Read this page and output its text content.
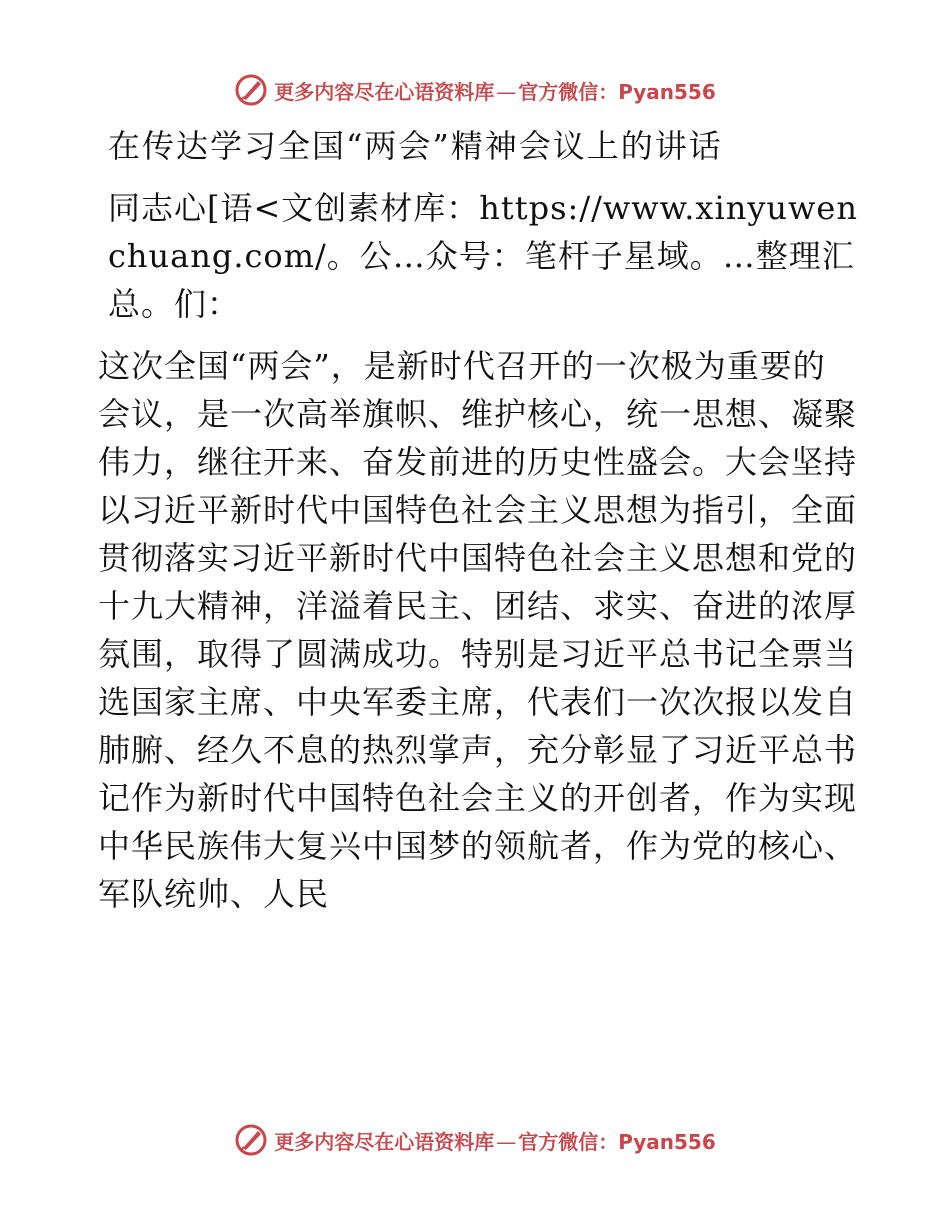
更多内容尽在心语资料库 — 官方微信：Pyan556
在传达学习全国“两会”精神会议上的讲话

同志心[语<文创素材库：https://www.xinyuwenchuang.com/。公…众号：笔杆子星域。…整理汇总。们：

这次全国“两会”，是新时代召开的一次极为重要的会议，是一次高举旗帜、维护核心，统一思想、凝聚伟力，继往开来、奋发前进的历史性盛会。大会坚持以习近平新时代中国特色社会主义思想为指引，全面贯彻落实习近平新时代中国特色社会主义思想和党的十九大精神，洋溢着民主、团结、求实、奋进的浓厚氛围，取得了圆满成功。特别是习近平总书记全票当选国家主席、中央军委主席，代表们一次次报以发自肺腑、经久不息的热烈掌声，充分彰显了习近平总书记作为新时代中国特色社会主义的开创者，作为实现中华民族伟大复兴中国梦的领航者，作为党的核心、军队统帅、人民

更多内容尽在心语资料库 — 官方微信：Pyan556
